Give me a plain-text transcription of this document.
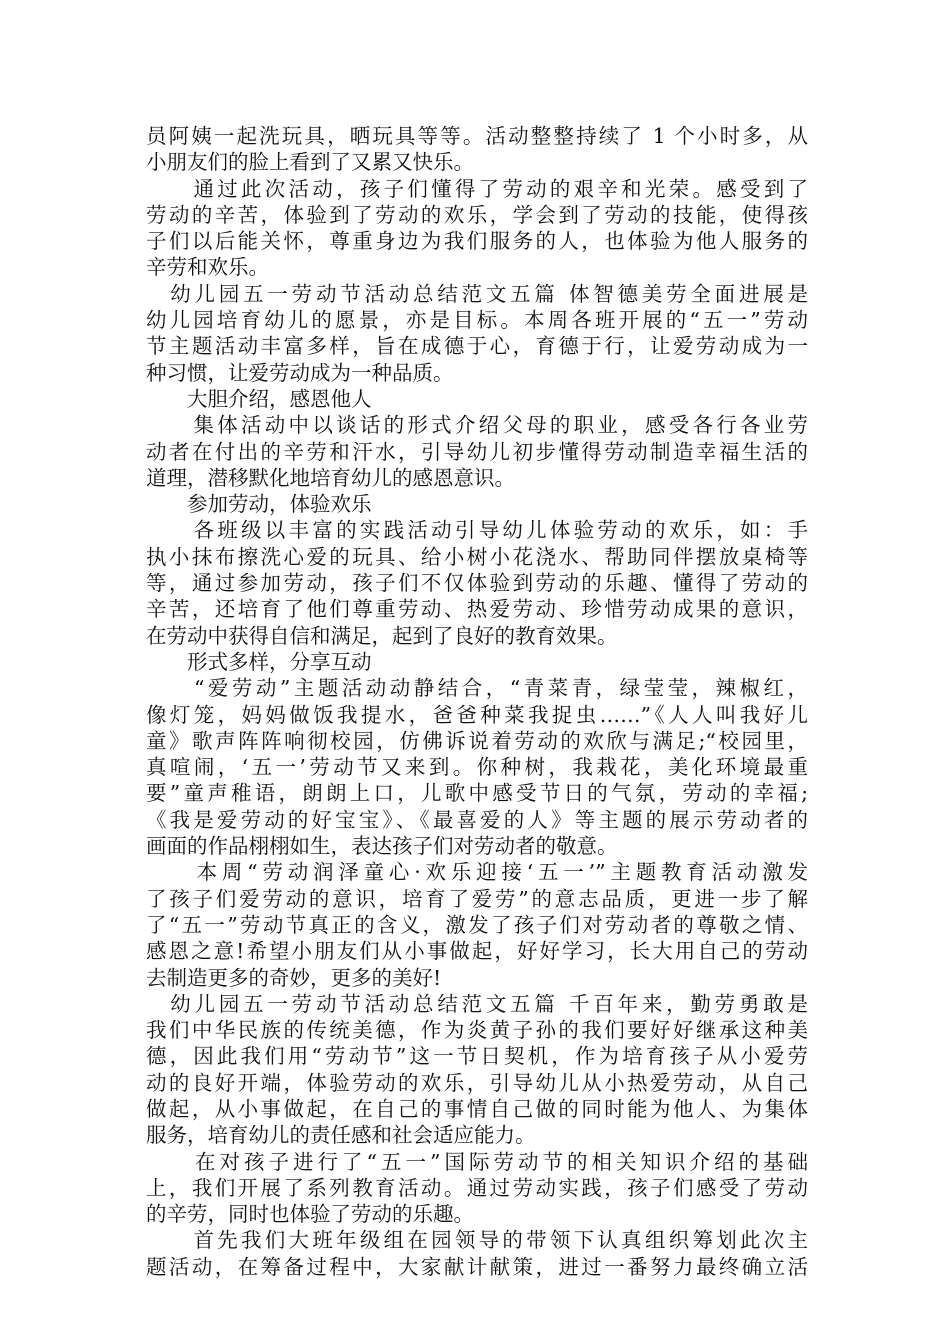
员阿姨一起洗玩具，晒玩具等等。活动整整持续了 1 个小时多，从
小朋友们的脸上看到了又累又快乐。
　　通过此次活动，孩子们懂得了劳动的艰辛和光荣。感受到了
劳动的辛苦，体验到了劳动的欢乐，学会到了劳动的技能，使得孩
子们以后能关怀，尊重身边为我们服务的人，也体验为他人服务的
辛劳和欢乐。
　幼儿园五一劳动节活动总结范文五篇 体智德美劳全面进展是
幼儿园培育幼儿的愿景，亦是目标。本周各班开展的“五一”劳动
节主题活动丰富多样，旨在成德于心，育德于行，让爱劳动成为一
种习惯，让爱劳动成为一种品质。
　　大胆介绍，感恩他人
　　集体活动中以谈话的形式介绍父母的职业，感受各行各业劳
动者在付出的辛劳和汗水，引导幼儿初步懂得劳动制造幸福生活的
道理，潜移默化地培育幼儿的感恩意识。
　　参加劳动，体验欢乐
　　各班级以丰富的实践活动引导幼儿体验劳动的欢乐，如：手
执小抹布擦洗心爱的玩具、给小树小花浇水、帮助同伴摆放桌椅等
等，通过参加劳动，孩子们不仅体验到劳动的乐趣、懂得了劳动的
辛苦，还培育了他们尊重劳动、热爱劳动、珍惜劳动成果的意识，
在劳动中获得自信和满足，起到了良好的教育效果。
　　形式多样，分享互动
　　“爱劳动”主题活动动静结合，“青菜青，绿莹莹，辣椒红，
像灯笼，妈妈做饭我提水，爸爸种菜我捉虫……”《人人叫我好儿
童》歌声阵阵响彻校园，仿佛诉说着劳动的欢欣与满足;“校园里，
真喧闹，‘五一’劳动节又来到。你种树，我栽花，美化环境最重
要”童声稚语，朗朗上口，儿歌中感受节日的气氛，劳动的幸福;
《我是爱劳动的好宝宝》、《最喜爱的人》等主题的展示劳动者的
画面的作品栩栩如生，表达孩子们对劳动者的敬意。
　　本周“劳动润泽童心·欢乐迎接‘五一’”主题教育活动激发
了孩子们爱劳动的意识，培育了爱劳”的意志品质，更进一步了解
了“五一”劳动节真正的含义，激发了孩子们对劳动者的尊敬之情、
感恩之意!希望小朋友们从小事做起，好好学习，长大用自己的劳动
去制造更多的奇妙，更多的美好!
　幼儿园五一劳动节活动总结范文五篇 千百年来，勤劳勇敢是
我们中华民族的传统美德，作为炎黄子孙的我们要好好继承这种美
德，因此我们用“劳动节”这一节日契机，作为培育孩子从小爱劳
动的良好开端，体验劳动的欢乐，引导幼儿从小热爱劳动，从自己
做起，从小事做起，在自己的事情自己做的同时能为他人、为集体
服务，培育幼儿的责任感和社会适应能力。
　　在对孩子进行了“五一”国际劳动节的相关知识介绍的基础
上，我们开展了系列教育活动。通过劳动实践，孩子们感受了劳动
的辛劳，同时也体验了劳动的乐趣。
　　首先我们大班年级组在园领导的带领下认真组织筹划此次主
题活动，在筹备过程中，大家献计献策，进过一番努力最终确立活
